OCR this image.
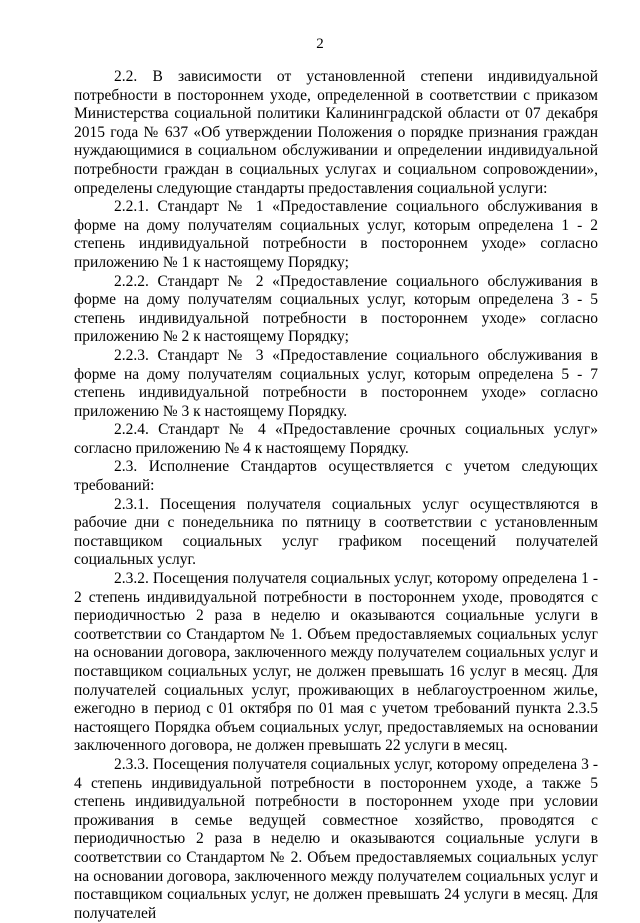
2

2.2. В зависимости от установленной степени индивидуальной потребности в постороннем уходе, определенной в соответствии с приказом Министерства социальной политики Калининградской области от 07 декабря 2015 года № 637 «Об утверждении Положения о порядке признания граждан нуждающимися в социальном обслуживании и определении индивидуальной потребности граждан в социальных услугах и социальном сопровождении», определены следующие стандарты предоставления социальной услуги:

2.2.1. Стандарт № 1 «Предоставление социального обслуживания в форме на дому получателям социальных услуг, которым определена 1 - 2 степень индивидуальной потребности в постороннем уходе» согласно приложению № 1 к настоящему Порядку;

2.2.2. Стандарт № 2 «Предоставление социального обслуживания в форме на дому получателям социальных услуг, которым определена 3 - 5 степень индивидуальной потребности в постороннем уходе» согласно приложению № 2 к настоящему Порядку;

2.2.3. Стандарт № 3 «Предоставление социального обслуживания в форме на дому получателям социальных услуг, которым определена 5 - 7 степень индивидуальной потребности в постороннем уходе» согласно приложению № 3 к настоящему Порядку.

2.2.4. Стандарт № 4 «Предоставление срочных социальных услуг» согласно приложению № 4 к настоящему Порядку.

2.3. Исполнение Стандартов осуществляется с учетом следующих требований:

2.3.1. Посещения получателя социальных услуг осуществляются в рабочие дни с понедельника по пятницу в соответствии с установленным поставщиком социальных услуг графиком посещений получателей социальных услуг.

2.3.2. Посещения получателя социальных услуг, которому определена 1 - 2 степень индивидуальной потребности в постороннем уходе, проводятся с периодичностью 2 раза в неделю и оказываются социальные услуги в соответствии со Стандартом № 1. Объем предоставляемых социальных услуг на основании договора, заключенного между получателем социальных услуг и поставщиком социальных услуг, не должен превышать 16 услуг в месяц. Для получателей социальных услуг, проживающих в неблагоустроенном жилье, ежегодно в период с 01 октября по 01 мая с учетом требований пункта 2.3.5 настоящего Порядка объем социальных услуг, предоставляемых на основании заключенного договора, не должен превышать 22 услуги в месяц.

2.3.3. Посещения получателя социальных услуг, которому определена 3 - 4 степень индивидуальной потребности в постороннем уходе, а также 5 степень индивидуальной потребности в постороннем уходе при условии проживания в семье ведущей совместное хозяйство, проводятся с периодичностью 2 раза в неделю и оказываются социальные услуги в соответствии со Стандартом № 2. Объем предоставляемых социальных услуг на основании договора, заключенного между получателем социальных услуг и поставщиком социальных услуг, не должен превышать 24 услуги в месяц. Для получателей
